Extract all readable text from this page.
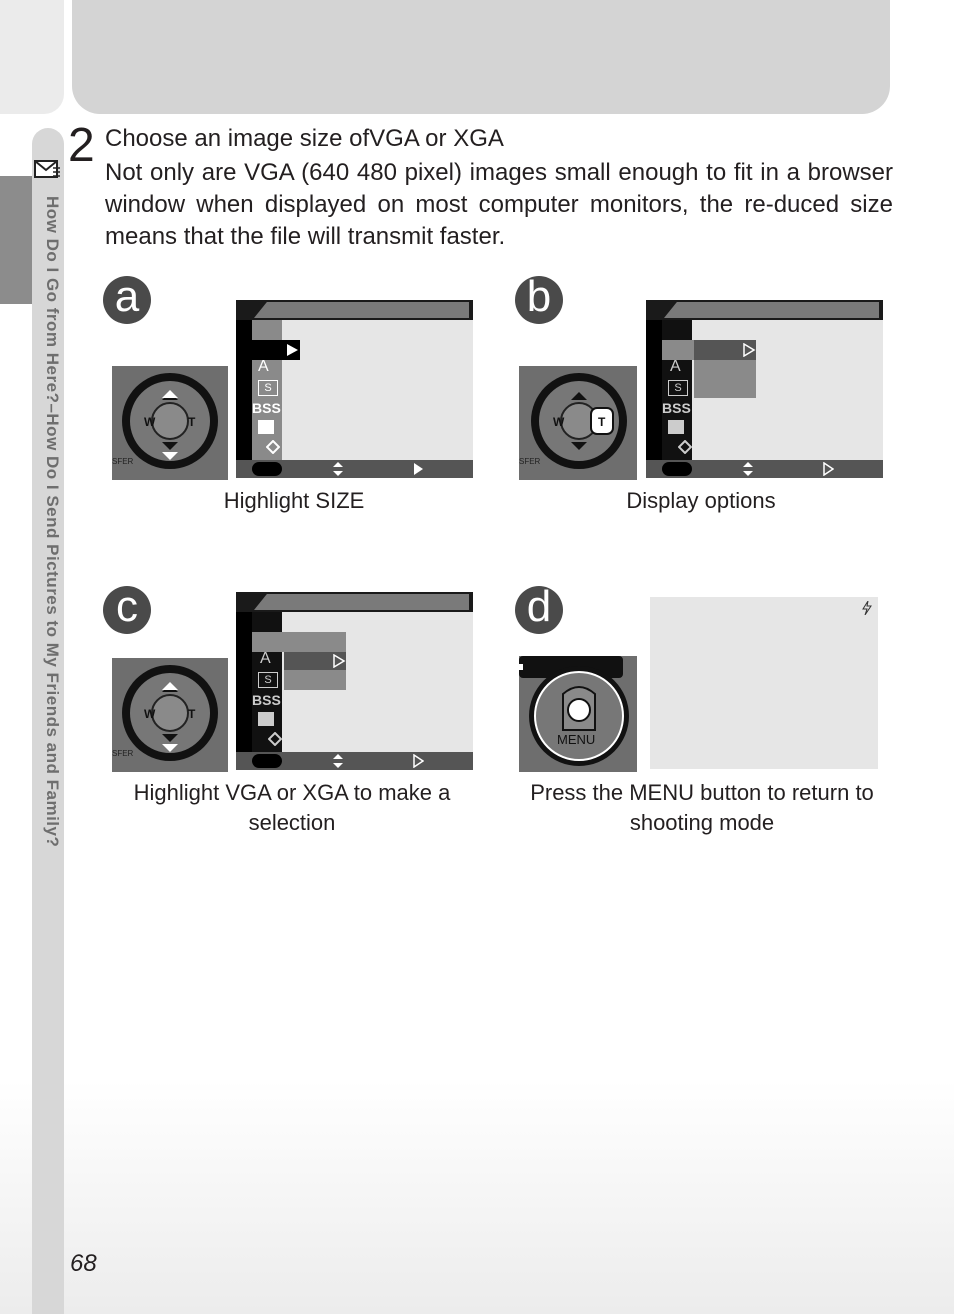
How Do I Go from Here?–How Do I Send Pictures to My Friends and Family?
2 Choose an image size ofVGA or XGA
Not only are VGA (640 480 pixel) images small enough to fit in a browser window when displayed on most computer monitors, the re-duced size means that the file will transmit faster.
a
W	T
SFER
A
S
BSS
Highlight SIZE
b
W	T
SFER
A
S
BSS
Display options
c
W	T
SFER
A
S
BSS
Highlight VGA or XGA to make a
selection
d
MENU
Press the MENU button to return to
shooting mode
68
